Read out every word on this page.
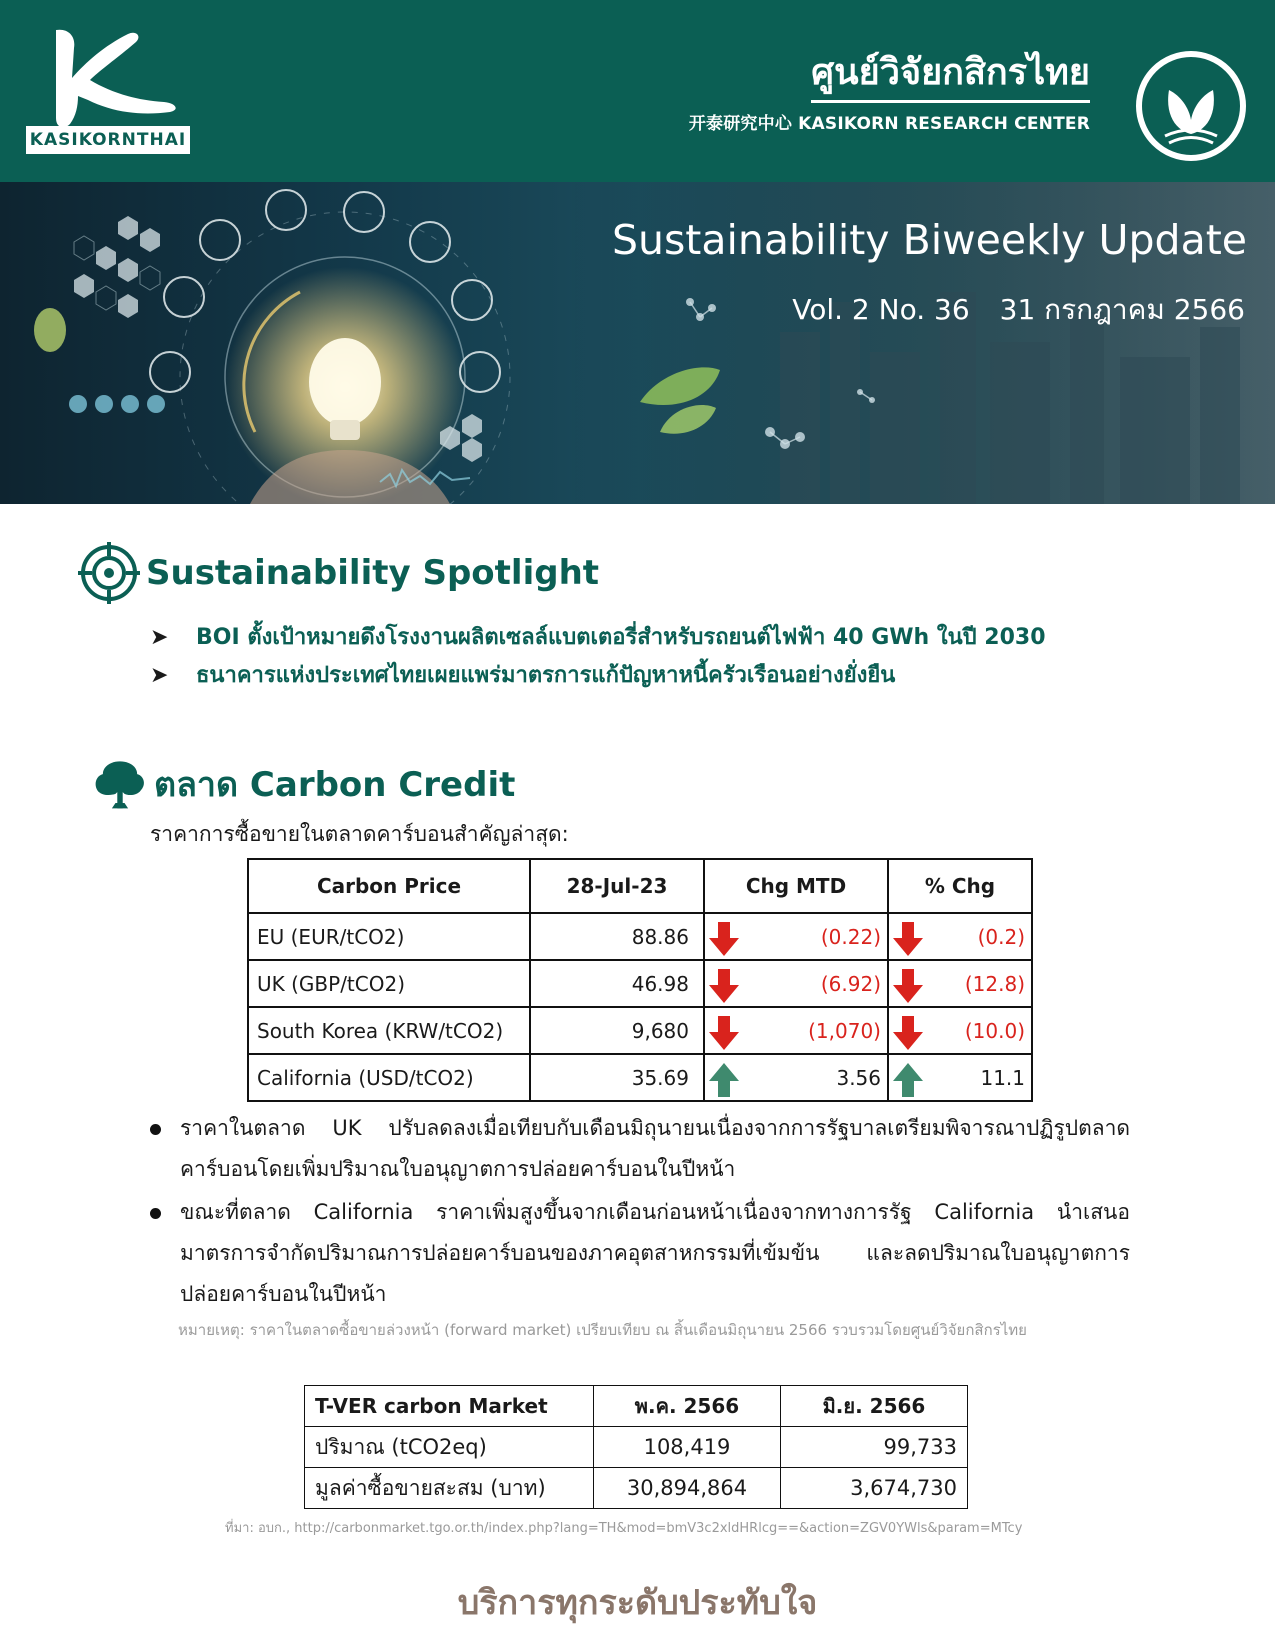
KASIKORNTHAI
ศูนย์วิจัยกสิกรไทย
开泰研究中心 KASIKORN RESEARCH CENTER
Sustainability Biweekly Update
Vol. 2 No. 36 31 กรกฎาคม 2566
Sustainability Spotlight
➤ BOI ตั้งเป้าหมายดึงโรงงานผลิตเซลล์แบตเตอรี่สำหรับรถยนต์ไฟฟ้า 40 GWh ในปี 2030
➤ ธนาคารแห่งประเทศไทยเผยแพร่มาตรการแก้ปัญหาหนี้ครัวเรือนอย่างยั่งยืน
ตลาด Carbon Credit
ราคาการซื้อขายในตลาดคาร์บอนสำคัญล่าสุด:
Carbon Price	28-Jul-23	Chg MTD	% Chg
EU (EUR/tCO2)	88.86	(0.22)	(0.2)
UK (GBP/tCO2)	46.98	(6.92)	(12.8)
South Korea (KRW/tCO2)	9,680	(1,070)	(10.0)
California (USD/tCO2)	35.69	3.56	11.1
ราคาในตลาด UK ปรับลดลงเมื่อเทียบกับเดือนมิถุนายนเนื่องจากการรัฐบาลเตรียมพิจารณาปฏิรูปตลาดคาร์บอนโดยเพิ่มปริมาณใบอนุญาตการปล่อยคาร์บอนในปีหน้า
ขณะที่ตลาด California ราคาเพิ่มสูงขึ้นจากเดือนก่อนหน้าเนื่องจากทางการรัฐ California นำเสนอมาตรการจำกัดปริมาณการปล่อยคาร์บอนของภาคอุตสาหกรรมที่เข้มข้น และลดปริมาณใบอนุญาตการปล่อยคาร์บอนในปีหน้า
หมายเหตุ: ราคาในตลาดซื้อขายล่วงหน้า (forward market) เปรียบเทียบ ณ สิ้นเดือนมิถุนายน 2566 รวบรวมโดยศูนย์วิจัยกสิกรไทย
T-VER carbon Market	พ.ค. 2566	มิ.ย. 2566
ปริมาณ (tCO2eq)	108,419	99,733
มูลค่าซื้อขายสะสม (บาท)	30,894,864	3,674,730
ที่มา: อบก., http://carbonmarket.tgo.or.th/index.php?lang=TH&mod=bmV3c2xldHRlcg==&action=ZGV0YWls&param=MTcy
บริการทุกระดับประทับใจ
